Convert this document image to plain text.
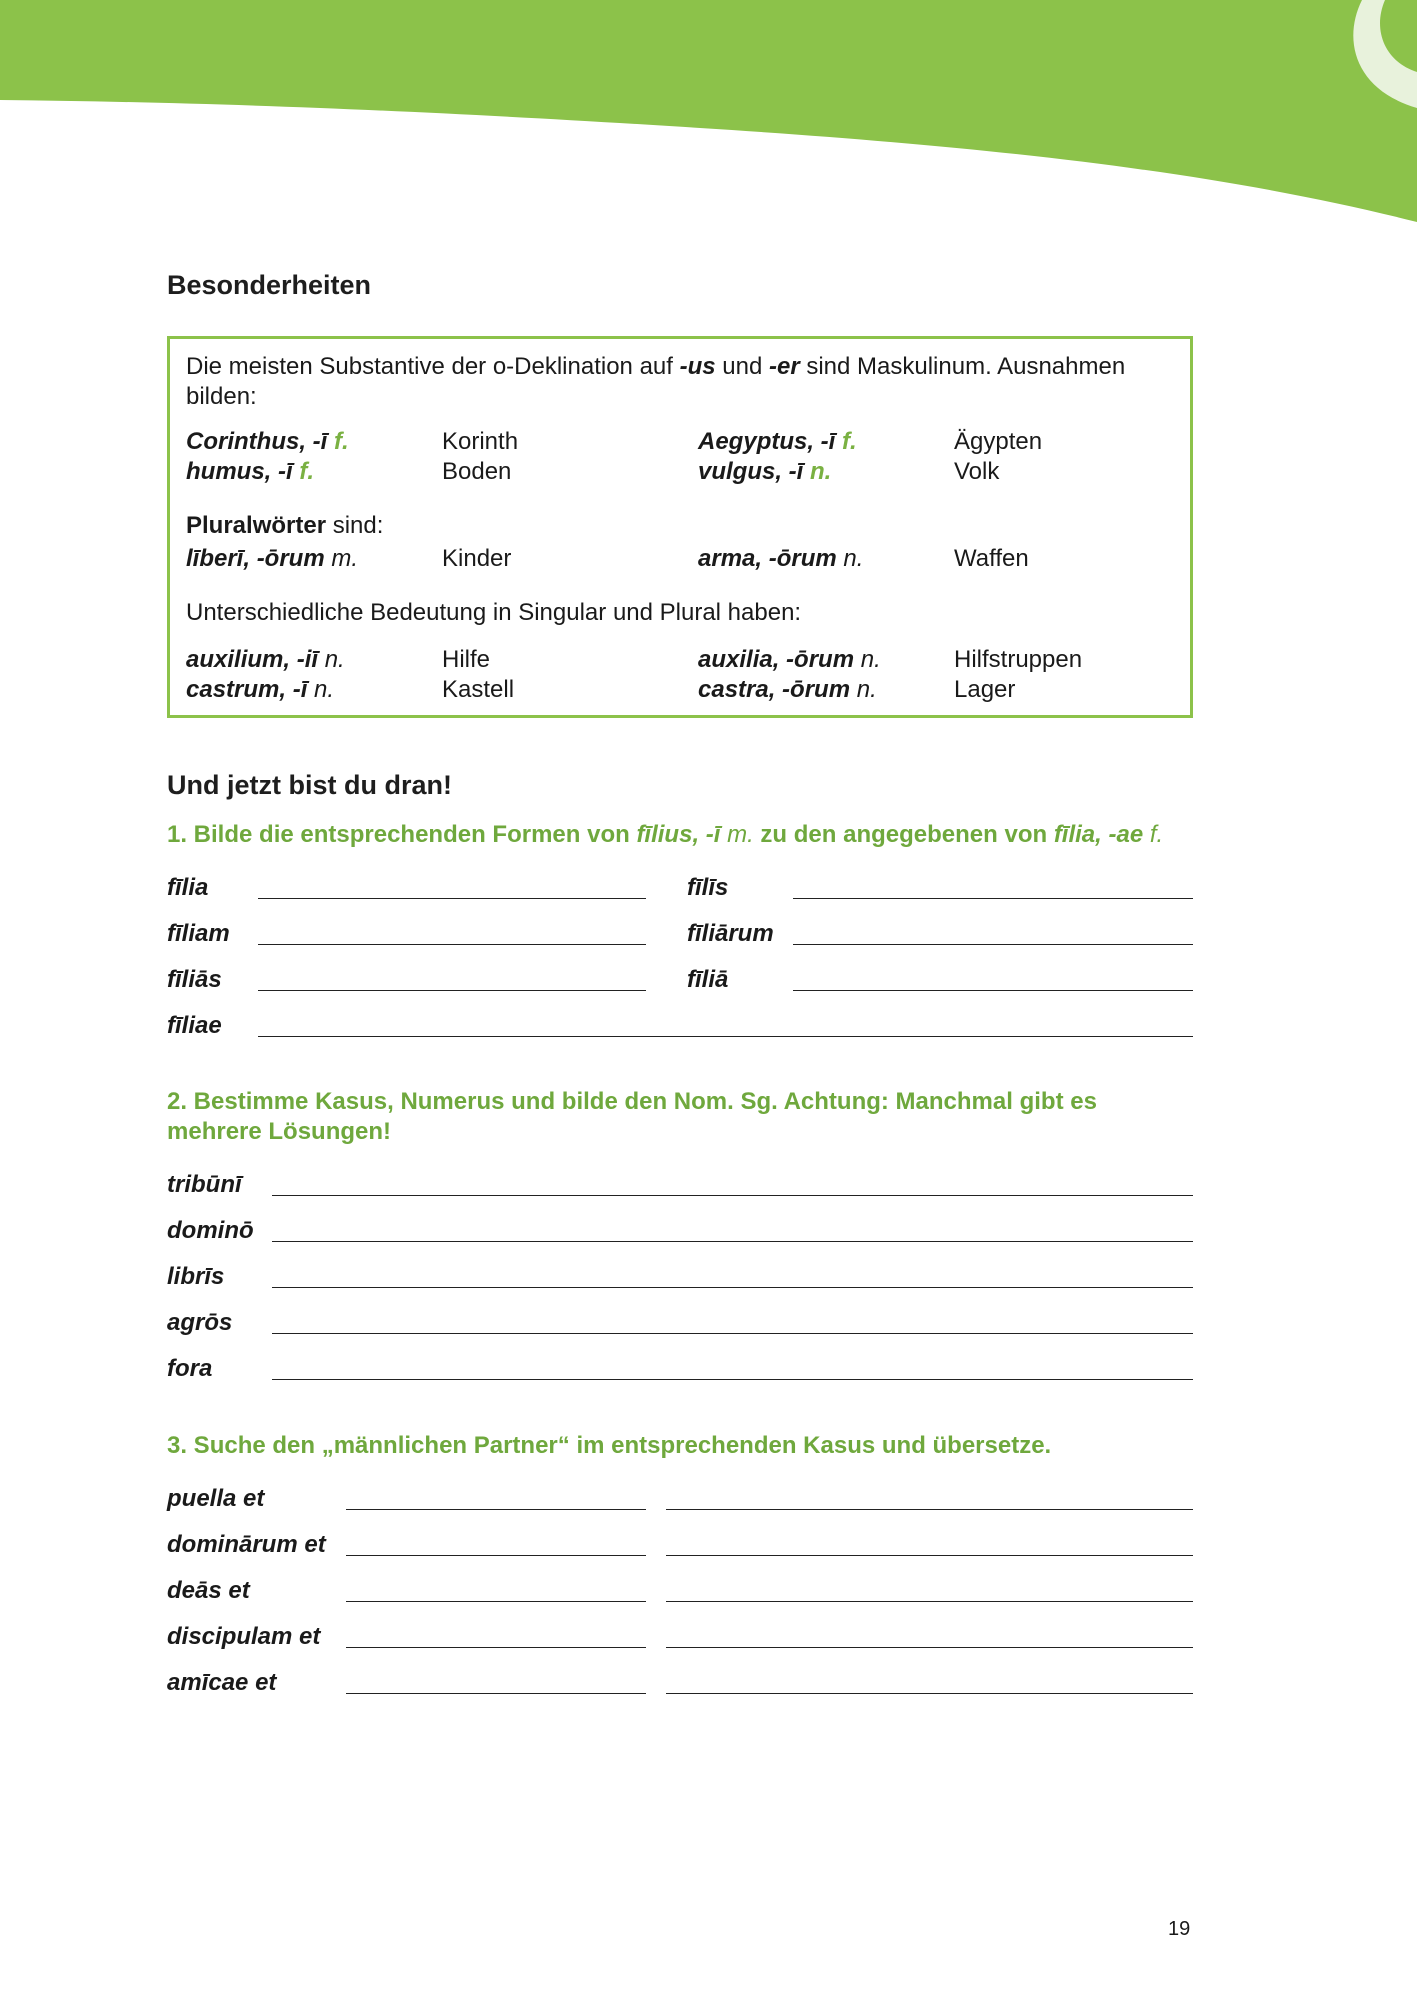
Besonderheiten
Die meisten Substantive der o-Deklination auf -us und -er sind Maskulinum. Ausnahmen bilden:
Corinthus, -ī f.	Korinth	Aegyptus, -ī f.	Ägypten
humus, -ī f.	Boden	vulgus, -ī n.	Volk
Pluralwörter sind:
līberī, -ōrum m.	Kinder	arma, -ōrum n.	Waffen
Unterschiedliche Bedeutung in Singular und Plural haben:
auxilium, -iī n.	Hilfe	auxilia, -ōrum n.	Hilfstruppen
castrum, -ī n.	Kastell	castra, -ōrum n.	Lager
Und jetzt bist du dran!
1. Bilde die entsprechenden Formen von fīlius, -ī m. zu den angegebenen von fīlia, -ae f.
fīlia	fīlīs
fīliam	fīliārum
fīliās	fīliā
fīliae
2. Bestimme Kasus, Numerus und bilde den Nom. Sg. Achtung: Manchmal gibt es mehrere Lösungen!
tribūnī
dominō
librīs
agrōs
fora
3. Suche den „männlichen Partner“ im entsprechenden Kasus und übersetze.
puella et
dominārum et
deās et
discipulam et
amīcae et
19
